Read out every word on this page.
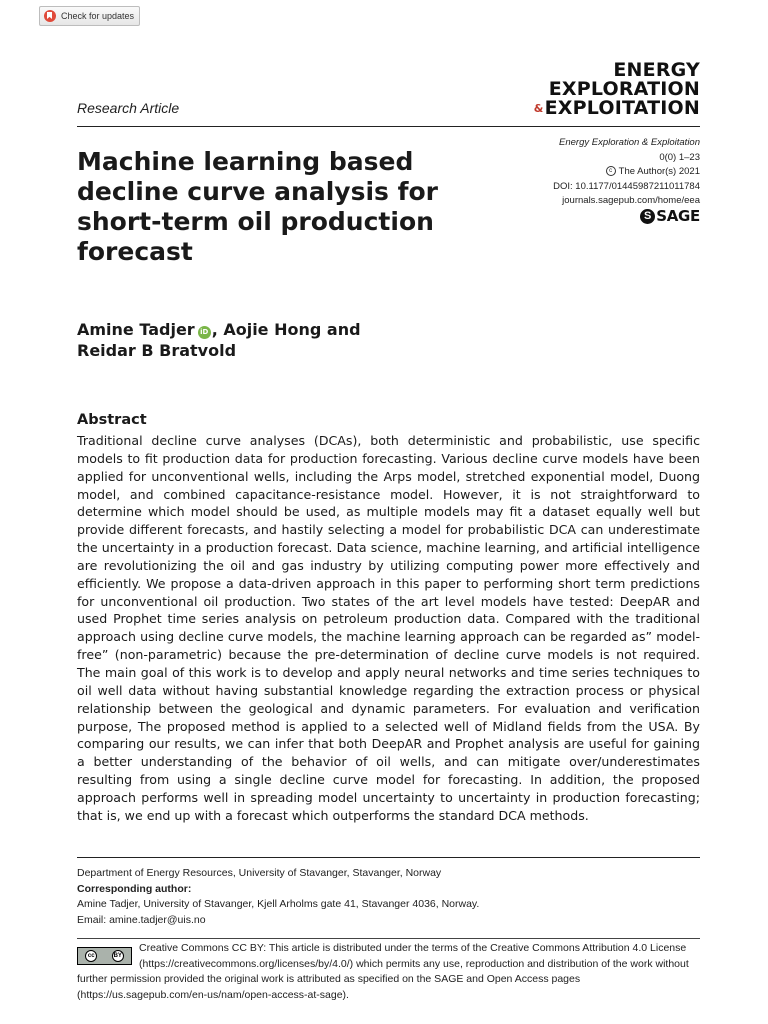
Check for updates
ENERGY
EXPLORATION
& EXPLOITATION
Research Article
Machine learning based decline curve analysis for short-term oil production forecast
Energy Exploration & Exploitation
0(0) 1–23
c The Author(s) 2021
DOI: 10.1177/01445987211011784
journals.sagepub.com/home/eea
S SAGE
Amine Tadjer iD , Aojie Hong and
Reidar B Bratvold
Abstract

Traditional decline curve analyses (DCAs), both deterministic and probabilistic, use specific models to fit production data for production forecasting. Various decline curve models have been applied for unconventional wells, including the Arps model, stretched exponential model, Duong model, and combined capacitance-resistance model. However, it is not straightforward to determine which model should be used, as multiple models may fit a dataset equally well but provide different forecasts, and hastily selecting a model for probabilistic DCA can underestimate the uncertainty in a production forecast. Data science, machine learning, and artificial intelligence are revolutionizing the oil and gas industry by utilizing computing power more effectively and efficiently. We propose a data-driven approach in this paper to performing short term predictions for unconventional oil production. Two states of the art level models have tested: DeepAR and used Prophet time series analysis on petroleum production data. Compared with the traditional approach using decline curve models, the machine learning approach can be regarded as” model-free” (non-parametric) because the pre-determination of decline curve models is not required. The main goal of this work is to develop and apply neural networks and time series techniques to oil well data without having substantial knowledge regarding the extraction process or physical relationship between the geological and dynamic parameters. For evaluation and verification purpose, The proposed method is applied to a selected well of Midland fields from the USA. By comparing our results, we can infer that both DeepAR and Prophet analysis are useful for gaining a better understanding of the behavior of oil wells, and can mitigate over/underestimates resulting from using a single decline curve model for forecasting. In addition, the proposed approach performs well in spreading model uncertainty to uncertainty in production forecasting; that is, we end up with a forecast which outperforms the standard DCA methods.

Department of Energy Resources, University of Stavanger, Stavanger, Norway
Corresponding author:
Amine Tadjer, University of Stavanger, Kjell Arholms gate 41, Stavanger 4036, Norway.
Email: amine.tadjer@uis.no
cc	BY
Creative Commons CC BY: This article is distributed under the terms of the Creative Commons Attribution 4.0 License (https://creativecommons.org/licenses/by/4.0/) which permits any use, reproduction and distribution of the work without further permission provided the original work is attributed as specified on the SAGE and Open Access pages (https://us.sagepub.com/en-us/nam/open-access-at-sage).
